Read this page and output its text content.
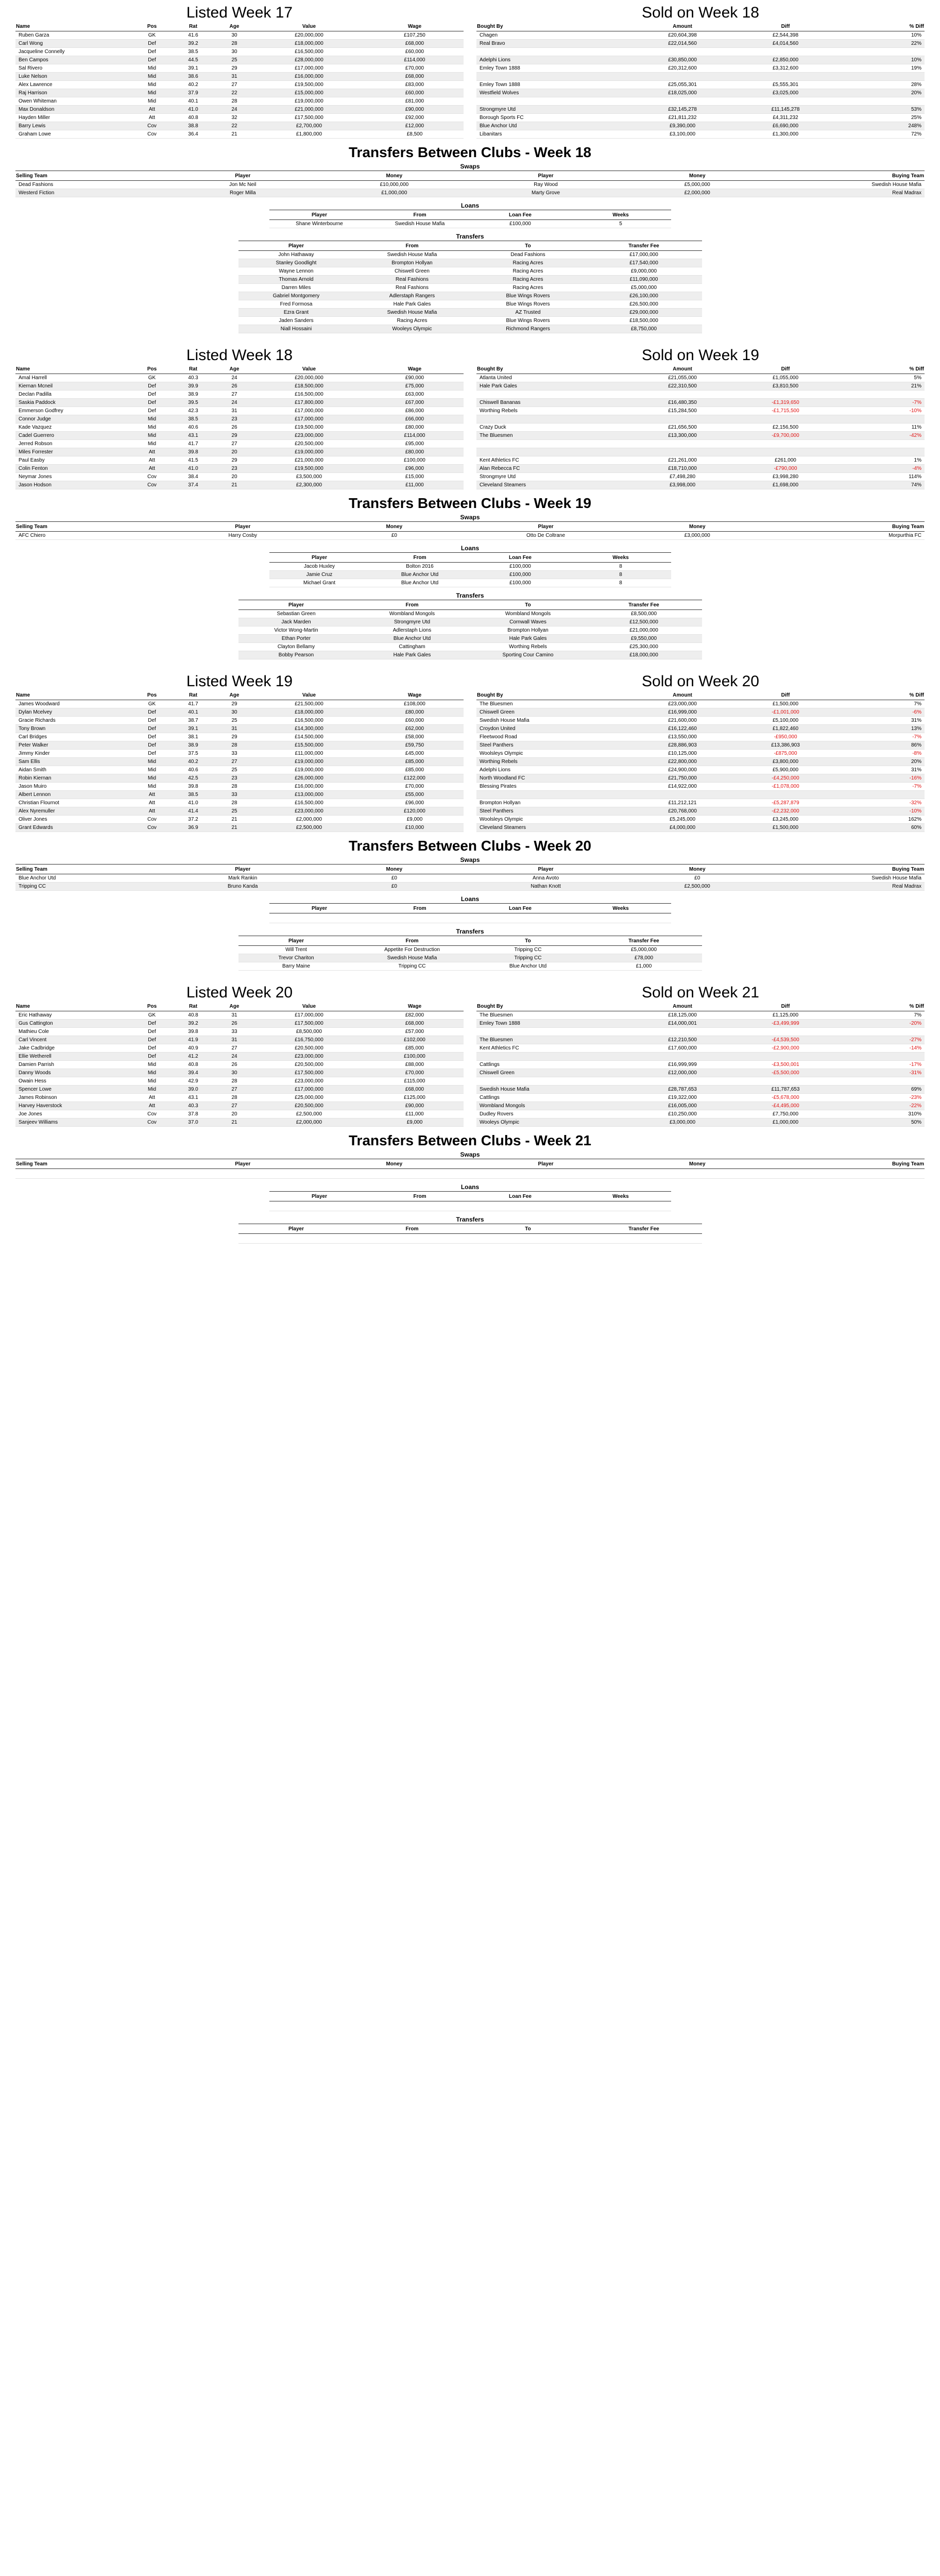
Listed Week 17	Sold on Week 18
Name	Pos	Rat	Age	Value	Wage
Ruben Garza	GK	41.6	30	£20,000,000	£107,250
Carl Wong	Def	39.2	28	£18,000,000	£68,000
Jacqueline Connelly	Def	38.5	30	£16,500,000	£60,000
Ben Campos	Def	44.5	25	£28,000,000	£114,000
Sal Rivero	Mid	39.1	29	£17,000,000	£70,000
Luke Nelson	Mid	38.6	31	£16,000,000	£68,000
Alex Lawrence	Mid	40.2	27	£19,500,000	£83,000
Raj Harrison	Mid	37.9	22	£15,000,000	£60,000
Owen Whiteman	Mid	40.1	28	£19,000,000	£81,000
Max Donaldson	Att	41.0	24	£21,000,000	£90,000
Hayden Miller	Att	40.8	32	£17,500,000	£92,000
Barry Lewis	Cov	38.8	22	£2,700,000	£12,000
Graham Lowe	Cov	36.4	21	£1,800,000	£8,500
Bought By	Amount	Diff	% Diff
Chagen	£20,604,398	£2,544,398	10%
Real Bravo	£22,014,560	£4,014,560	22%

Adelphi Lions	£30,850,000	£2,850,000	10%
Emley Town 1888	£20,312,600	£3,312,600	19%

Emley Town 1888	£25,055,301	£5,555,301	28%
Westfield Wolves	£18,025,000	£3,025,000	20%

Strongmyre Utd	£32,145,278	£11,145,278	53%
Borough Sports FC	£21,811,232	£4,311,232	25%
Blue Anchor Utd	£9,390,000	£6,690,000	248%
Libanitars	£3,100,000	£1,300,000	72%
Transfers Between Clubs - Week 18
Swaps
Selling Team	Player	Money	Player	Money	Buying Team
Dead Fashions	Jon Mc Neil	£10,000,000	Ray Wood	£5,000,000	Swedish House Mafia
Westerd Fiction	Roger Milla	£1,000,000	Marty Grove	£2,000,000	Real Madrax
Loans
Player	From	Loan Fee	Weeks
Shane Winterbourne	Swedish House Mafia	£100,000	5
Transfers
Player	From	To	Transfer Fee
John Hathaway	Swedish House Mafia	Dead Fashions	£17,000,000
Stanley Goodlight	Brompton Hollyan	Racing Acres	£17,540,000
Wayne Lennon	Chiswell Green	Racing Acres	£9,000,000
Thomas Arnold	Real Fashions	Racing Acres	£11,090,000
Darren Miles	Real Fashions	Racing Acres	£5,000,000
Gabriel Montgomery	Adlerstaph Rangers	Blue Wings Rovers	£26,100,000
Fred Formosa	Hale Park Gales	Blue Wings Rovers	£26,500,000
Ezra Grant	Swedish House Mafia	AZ Trusted	£29,000,000
Jaden Sanders	Racing Acres	Blue Wings Rovers	£18,500,000
Niall Hossaini	Wooleys Olympic	Richmond Rangers	£8,750,000
Listed Week 18	Sold on Week 19
Name	Pos	Rat	Age	Value	Wage
Amal Harrell	GK	40.3	24	£20,000,000	£90,000
Kiernan Mcneil	Def	39.9	26	£18,500,000	£75,000
Declan Padilla	Def	38.9	27	£16,500,000	£63,000
Saskia Paddock	Def	39.5	24	£17,800,000	£67,000
Emmerson Godfrey	Def	42.3	31	£17,000,000	£86,000
Connor Judge	Mid	38.5	23	£17,000,000	£66,000
Kade Vazquez	Mid	40.6	26	£19,500,000	£80,000
Cadel Guerrero	Mid	43.1	29	£23,000,000	£114,000
Jerred Robson	Mid	41.7	27	£20,500,000	£95,000
Miles Forrester	Att	39.8	20	£19,000,000	£80,000
Paul Easby	Att	41.5	29	£21,000,000	£100,000
Colin Fenton	Att	41.0	23	£19,500,000	£96,000
Neymar Jones	Cov	38.4	20	£3,500,000	£15,000
Jason Hodson	Cov	37.4	21	£2,300,000	£11,000
Bought By	Amount	Diff	% Diff
Atlanta United	£21,055,000	£1,055,000	5%
Hale Park Gales	£22,310,500	£3,810,500	21%

Chiswell Bananas	£16,480,350	-£1,319,650	-7%
Worthing Rebels	£15,284,500	-£1,715,500	-10%

Crazy Duck	£21,656,500	£2,156,500	11%
The Bluesmen	£13,300,000	-£9,700,000	-42%

Kent Athletics FC	£21,261,000	£261,000	1%
Alan Rebecca FC	£18,710,000	-£790,000	-4%
Strongmyre Utd	£7,498,280	£3,998,280	114%
Cleveland Steamers	£3,998,000	£1,698,000	74%
Transfers Between Clubs - Week 19
Swaps
Selling Team	Player	Money	Player	Money	Buying Team
AFC Chiero	Harry Cosby	£0	Otto De Coltrane	£3,000,000	Morpurthia FC
Loans
Player	From	Loan Fee	Weeks
Jacob Huxley	Bolton 2016	£100,000	8
Jamie Cruz	Blue Anchor Utd	£100,000	8
Michael Grant	Blue Anchor Utd	£100,000	8
Transfers
Player	From	To	Transfer Fee
Sebastian Green	Wombland Mongols	Wombland Mongols	£8,500,000
Jack Marden	Strongmyre Utd	Cornwall Waves	£12,500,000
Victor Wong-Martin	Adlerstaph Lions	Brompton Hollyan	£21,000,000
Ethan Porter	Blue Anchor Utd	Hale Park Gales	£9,550,000
Clayton Bellamy	Cattingham	Worthing Rebels	£25,300,000
Bobby Pearson	Hale Park Gales	Sporting Cour Camino	£18,000,000
Listed Week 19	Sold on Week 20
Name	Pos	Rat	Age	Value	Wage
James Woodward	GK	41.7	29	£21,500,000	£108,000
Dylan Mcelvey	Def	40.1	30	£18,000,000	£80,000
Gracie Richards	Def	38.7	25	£16,500,000	£60,000
Tony Brown	Def	39.1	31	£14,300,000	£62,000
Carl Bridges	Def	38.1	29	£14,500,000	£58,000
Peter Walker	Def	38.9	28	£15,500,000	£59,750
Jimmy Kinder	Def	37.5	33	£11,000,000	£45,000
Sam Ellis	Mid	40.2	27	£19,000,000	£85,000
Aidan Smith	Mid	40.6	25	£19,000,000	£85,000
Robin Kiernan	Mid	42.5	23	£26,000,000	£122,000
Jason Muiro	Mid	39.8	28	£16,000,000	£70,000
Albert Lennon	Att	38.5	33	£13,000,000	£55,000
Christian Flournot	Att	41.0	28	£16,500,000	£96,000
Alex Nyremuller	Att	41.4	25	£23,000,000	£120,000
Oliver Jones	Cov	37.2	21	£2,000,000	£9,000
Grant Edwards	Cov	36.9	21	£2,500,000	£10,000
Bought By	Amount	Diff	% Diff
The Bluesmen	£23,000,000	£1,500,000	7%
Chiswell Green	£16,999,000	-£1,001,000	-6%
Swedish House Mafia	£21,600,000	£5,100,000	31%
Croydon United	£16,122,460	£1,822,460	13%
Fleetwood Road	£13,550,000	-£950,000	-7%
Steel Panthers	£28,886,903	£13,386,903	86%
Woolsleys Olympic	£10,125,000	-£875,000	-8%
Worthing Rebels	£22,800,000	£3,800,000	20%
Adelphi Lions	£24,900,000	£5,900,000	31%
North Woodland FC	£21,750,000	-£4,250,000	-16%
Blessing Pirates	£14,922,000	-£1,078,000	-7%

Brompton Hollyan	£11,212,121	-£5,287,879	-32%
Steel Panthers	£20,768,000	-£2,232,000	-10%
Woolsleys Olympic	£5,245,000	£3,245,000	162%
Cleveland Steamers	£4,000,000	£1,500,000	60%
Transfers Between Clubs - Week 20
Swaps
Selling Team	Player	Money	Player	Money	Buying Team
Blue Anchor Utd	Mark Rankin	£0	Anna Avoto	£0	Swedish House Mafia
Tripping CC	Bruno Kanda	£0	Nathan Knott	£2,500,000	Real Madrax
Loans
Player	From	Loan Fee	Weeks

Transfers
Player	From	To	Transfer Fee
Will Trent	Appetite For Destruction	Tripping CC	£5,000,000
Trevor Chariton	Swedish House Mafia	Tripping CC	£78,000
Barry Maine	Tripping CC	Blue Anchor Utd	£1,000
Listed Week 20	Sold on Week 21
Name	Pos	Rat	Age	Value	Wage
Eric Hathaway	GK	40.8	31	£17,000,000	£82,000
Gus Cattington	Def	39.2	26	£17,500,000	£68,000
Mathieu Cole	Def	39.8	33	£8,500,000	£57,000
Carl Vincent	Def	41.9	31	£16,750,000	£102,000
Jake Cadbridge	Def	40.9	27	£20,500,000	£85,000
Ellie Wetherell	Def	41.2	24	£23,000,000	£100,000
Damien Parrish	Mid	40.8	26	£20,500,000	£88,000
Danny Woods	Mid	39.4	30	£17,500,000	£70,000
Owain Hess	Mid	42.9	28	£23,000,000	£115,000
Spencer Lowe	Mid	39.0	27	£17,000,000	£68,000
James Robinson	Att	43.1	28	£25,000,000	£125,000
Harvey Haverstock	Att	40.3	27	£20,500,000	£90,000
Joe Jones	Cov	37.8	20	£2,500,000	£11,000
Sanjeev Williams	Cov	37.0	21	£2,000,000	£9,000
Bought By	Amount	Diff	% Diff
The Bluesmen	£18,125,000	£1,125,000	7%
Emley Town 1888	£14,000,001	-£3,499,999	-20%

The Bluesmen	£12,210,500	-£4,539,500	-27%
Kent Athletics FC	£17,600,000	-£2,900,000	-14%

Cattlings	£16,999,999	-£3,500,001	-17%
Chiswell Green	£12,000,000	-£5,500,000	-31%

Swedish House Mafia	£28,787,653	£11,787,653	69%
Cattlings	£19,322,000	-£5,678,000	-23%
Wombland Mongols	£16,005,000	-£4,495,000	-22%
Dudley Rovers	£10,250,000	£7,750,000	310%
Wooleys Olympic	£3,000,000	£1,000,000	50%
Transfers Between Clubs - Week 21
Swaps
Selling Team	Player	Money	Player	Money	Buying Team

Loans
Player	From	Loan Fee	Weeks

Transfers
Player	From	To	Transfer Fee
